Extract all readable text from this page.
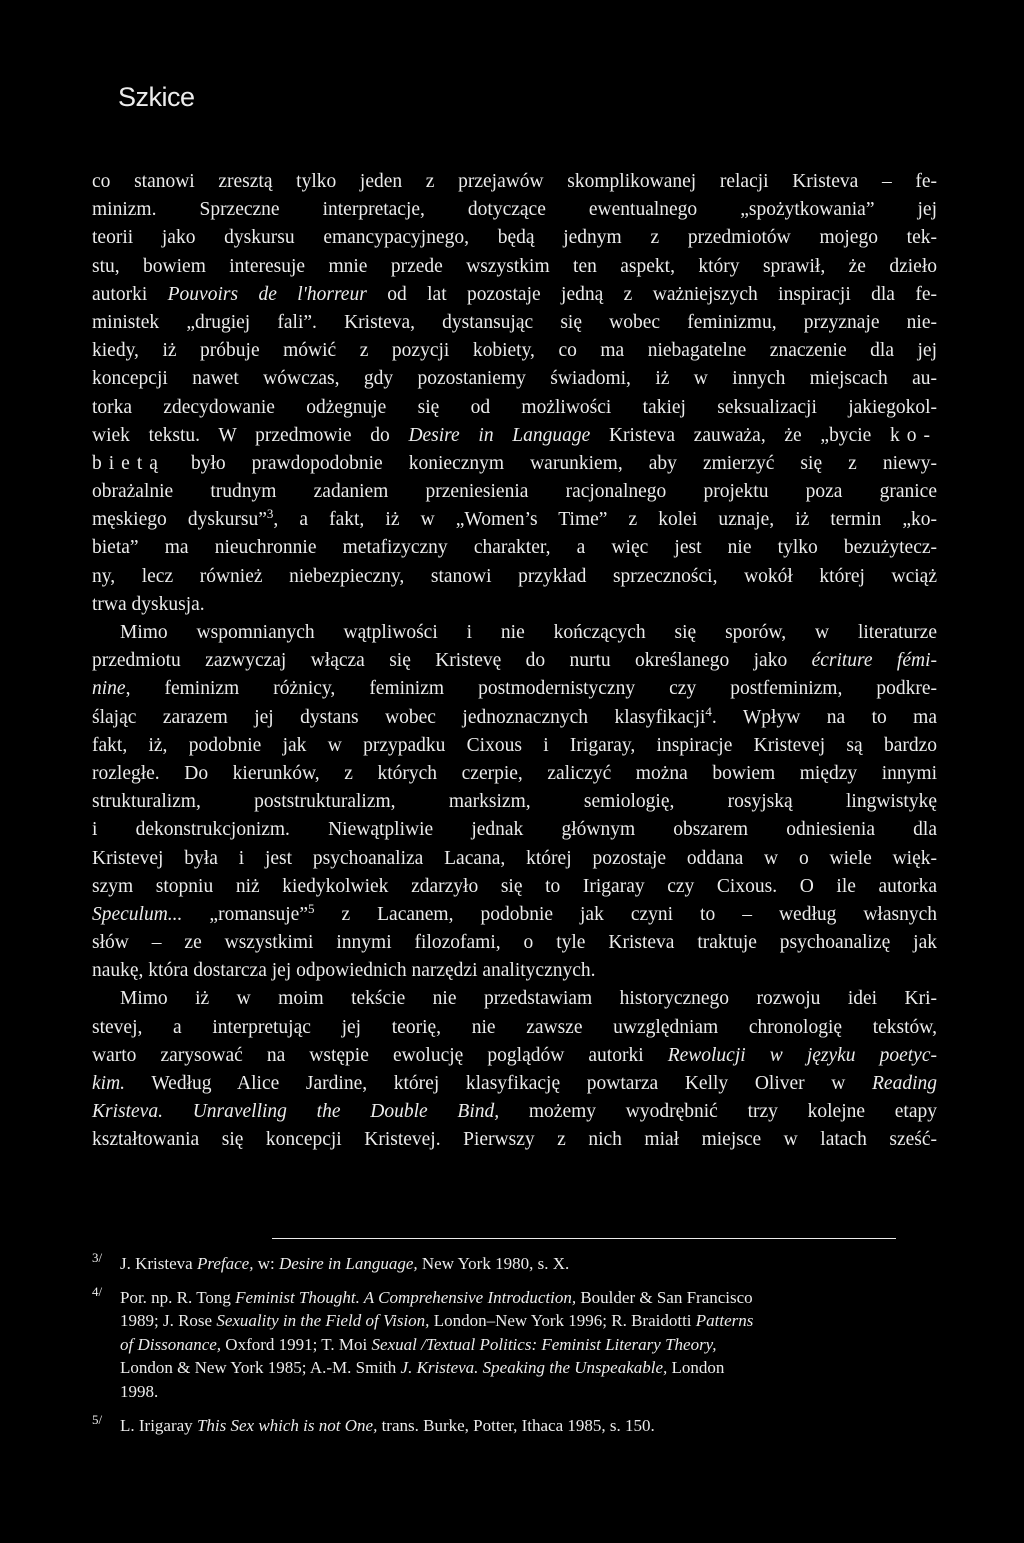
Szkice
co stanowi zresztą tylko jeden z przejawów skomplikowanej relacji Kristeva – fe-
minizm. Sprzeczne interpretacje, dotyczące ewentualnego „spożytkowania” jej
teorii jako dyskursu emancypacyjnego, będą jednym z przedmiotów mojego tek-
stu, bowiem interesuje mnie przede wszystkim ten aspekt, który sprawił, że dzieło
autorki Pouvoirs de l'horreur od lat pozostaje jedną z ważniejszych inspiracji dla fe-
ministek „drugiej fali”. Kristeva, dystansując się wobec feminizmu, przyznaje nie-
kiedy, iż próbuje mówić z pozycji kobiety, co ma niebagatelne znaczenie dla jej
koncepcji nawet wówczas, gdy pozostaniemy świadomi, iż w innych miejscach au-
torka zdecydowanie odżegnuje się od możliwości takiej seksualizacji jakiegokol-
wiek tekstu. W przedmowie do Desire in Language Kristeva zauważa, że „bycie ko-
bietą było prawdopodobnie koniecznym warunkiem, aby zmierzyć się z niewy-
obrażalnie trudnym zadaniem przeniesienia racjonalnego projektu poza granice
męskiego dyskursu”$^3$, a fakt, iż w „Women’s Time” z kolei uznaje, iż termin „ko-
bieta” ma nieuchronnie metafizyczny charakter, a więc jest nie tylko bezużytecz-
ny, lecz również niebezpieczny, stanowi przykład sprzeczności, wokół której wciąż
trwa dyskusja.
Mimo wspomnianych wątpliwości i nie kończących się sporów, w literaturze
przedmiotu zazwyczaj włącza się Kristevę do nurtu określanego jako écriture fémi-
nine, feminizm różnicy, feminizm postmodernistyczny czy postfeminizm, podkre-
ślając zarazem jej dystans wobec jednoznacznych klasyfikacji$^4$. Wpływ na to ma
fakt, iż, podobnie jak w przypadku Cixous i Irigaray, inspiracje Kristevej są bardzo
rozległe. Do kierunków, z których czerpie, zaliczyć można bowiem między innymi
strukturalizm, poststrukturalizm, marksizm, semiologię, rosyjską lingwistykę
i dekonstrukcjonizm. Niewątpliwie jednak głównym obszarem odniesienia dla
Kristevej była i jest psychoanaliza Lacana, której pozostaje oddana w o wiele więk-
szym stopniu niż kiedykolwiek zdarzyło się to Irigaray czy Cixous. O ile autorka
Speculum... „romansuje”$^5$ z Lacanem, podobnie jak czyni to – według własnych
słów – ze wszystkimi innymi filozofami, o tyle Kristeva traktuje psychoanalizę jak
naukę, która dostarcza jej odpowiednich narzędzi analitycznych.
Mimo iż w moim tekście nie przedstawiam historycznego rozwoju idei Kri-
stevej, a interpretując jej teorię, nie zawsze uwzględniam chronologię tekstów,
warto zarysować na wstępie ewolucję poglądów autorki Rewolucji w języku poetyc-
kim. Według Alice Jardine, której klasyfikację powtarza Kelly Oliver w Reading
Kristeva. Unravelling the Double Bind, możemy wyodrębnić trzy kolejne etapy
kształtowania się koncepcji Kristevej. Pierwszy z nich miał miejsce w latach sześć-
3/ J. Kristeva Preface, w: Desire in Language, New York 1980, s. X.
4/ Por. np. R. Tong Feminist Thought. A Comprehensive Introduction, Boulder & San Francisco
1989; J. Rose Sexuality in the Field of Vision, London–New York 1996; R. Braidotti Patterns
of Dissonance, Oxford 1991; T. Moi Sexual /Textual Politics: Feminist Literary Theory,
London & New York 1985; A.-M. Smith J. Kristeva. Speaking the Unspeakable, London
1998.
5/ L. Irigaray This Sex which is not One, trans. Burke, Potter, Ithaca 1985, s. 150.
